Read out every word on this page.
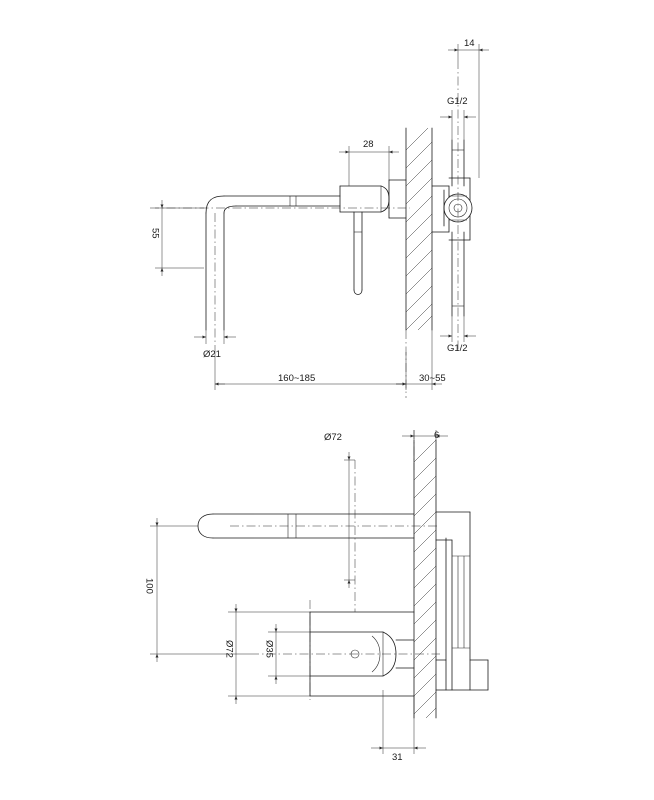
14
G1/2
28
55
Ø21
G1/2
160~185	30~55
Ø72	6
100
Ø72	Ø35
31
